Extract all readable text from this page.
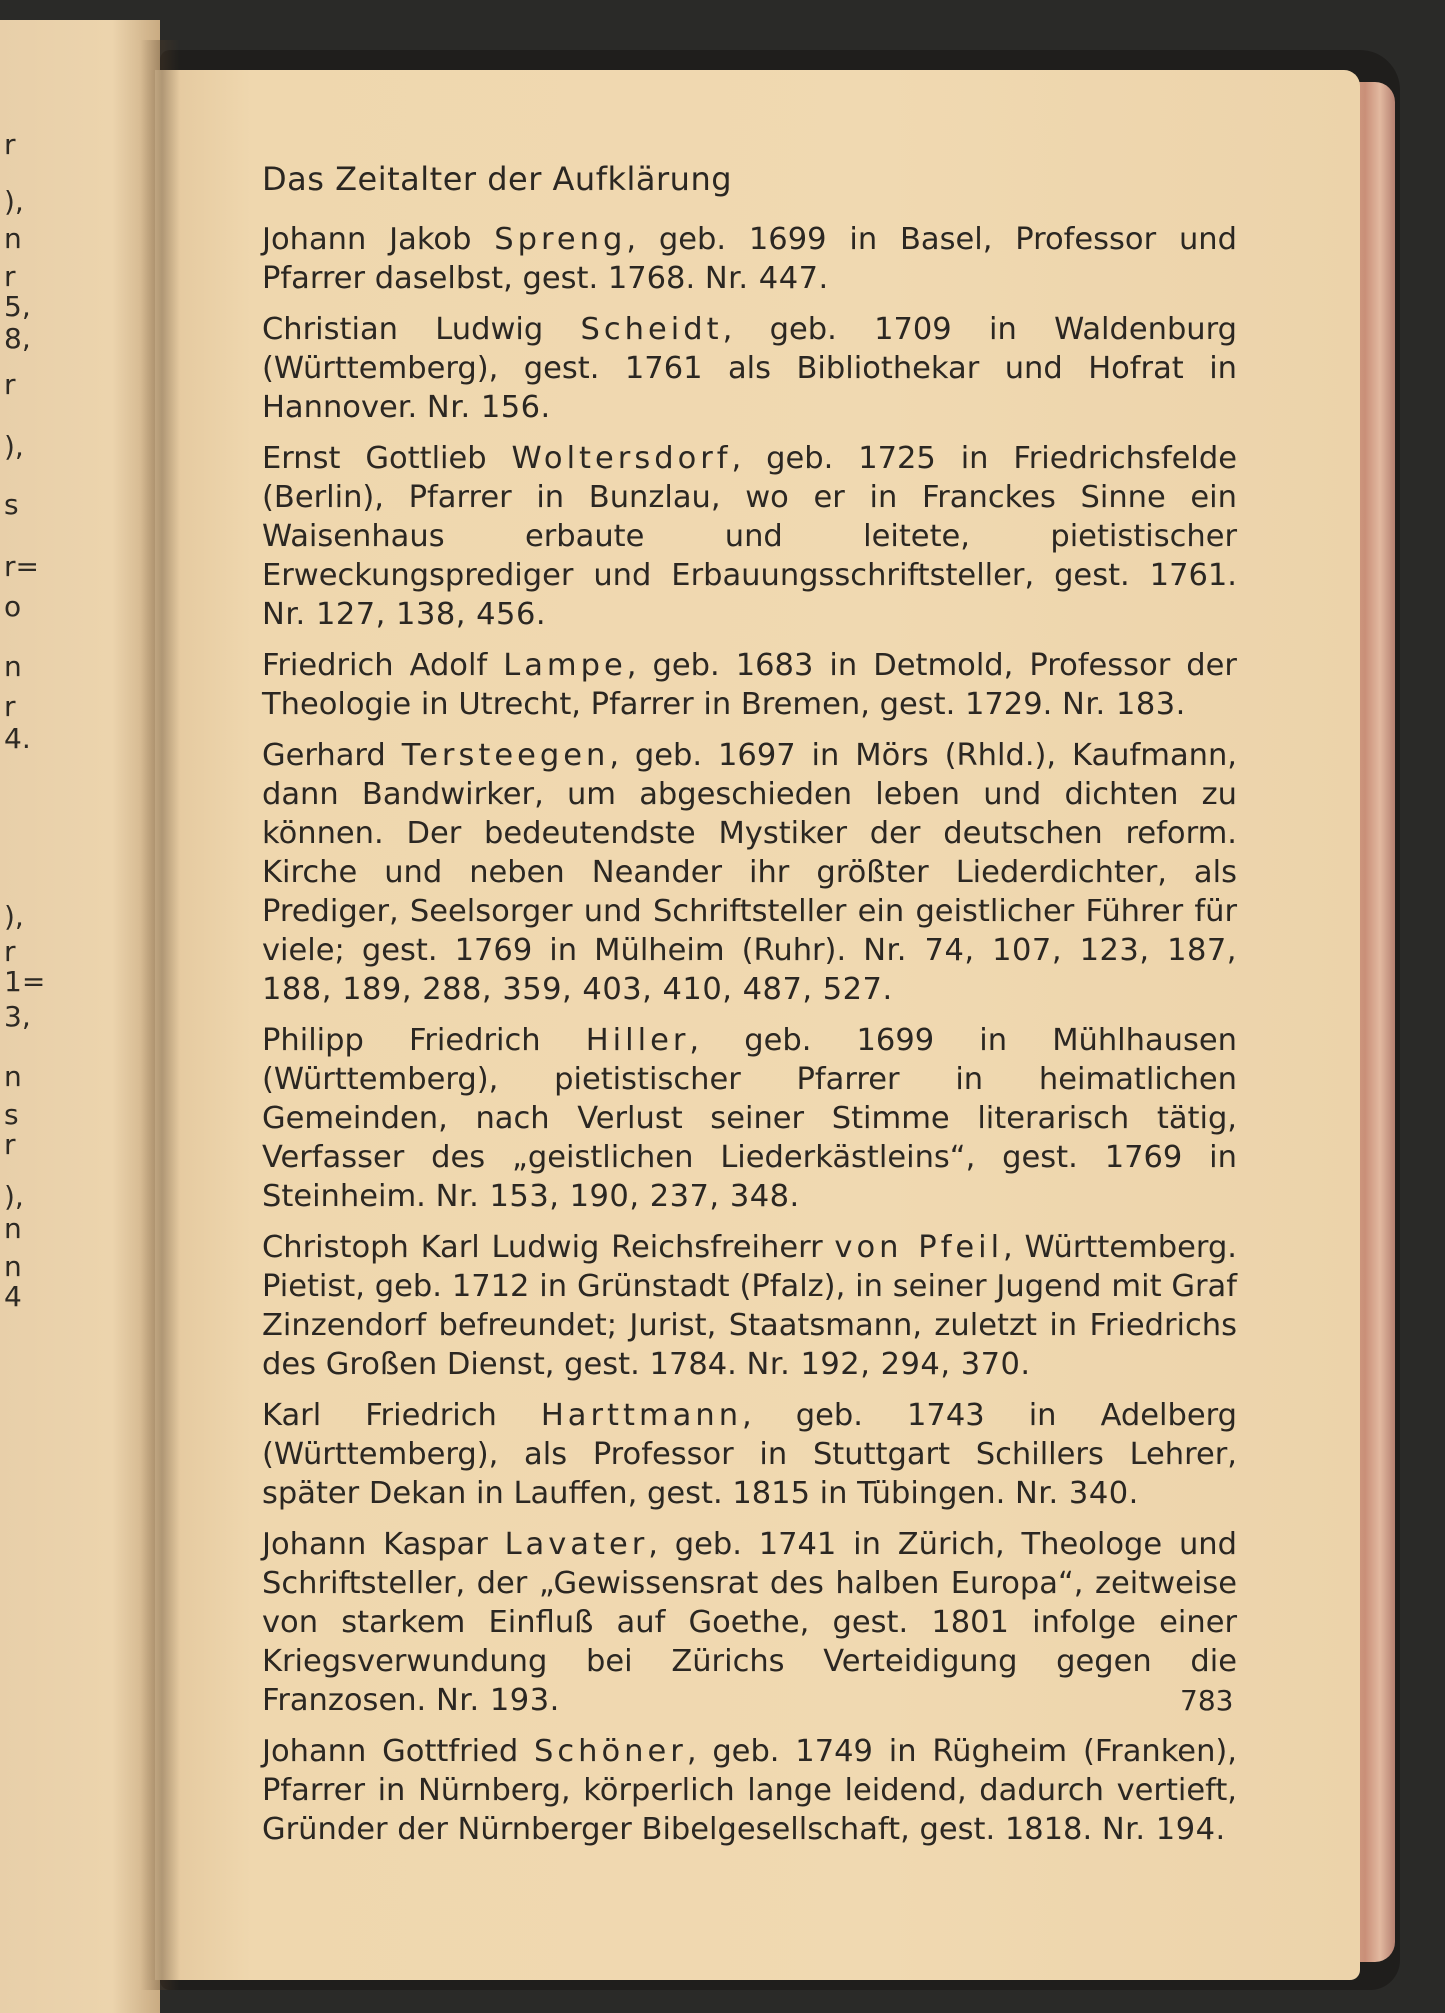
r
),
n
r
5,
8,
r
),
s
r=
o
n
r
4.
),
r
1=
3,
n
s
r
),
n
n
4
Das Zeitalter der Aufklärung

Johann Jakob Spreng, geb. 1699 in Basel, Professor und Pfarrer daselbst, gest. 1768. Nr. 447.

Christian Ludwig Scheidt, geb. 1709 in Waldenburg (Württemberg), gest. 1761 als Bibliothekar und Hofrat in Hannover. Nr. 156.

Ernst Gottlieb Woltersdorf, geb. 1725 in Friedrichsfelde (Berlin), Pfarrer in Bunzlau, wo er in Franckes Sinne ein Waisenhaus erbaute und leitete, pietistischer Erweckungsprediger und Erbauungsschriftsteller, gest. 1761. Nr. 127, 138, 456.

Friedrich Adolf Lampe, geb. 1683 in Detmold, Professor der Theologie in Utrecht, Pfarrer in Bremen, gest. 1729. Nr. 183.

Gerhard Tersteegen, geb. 1697 in Mörs (Rhld.), Kaufmann, dann Bandwirker, um abgeschieden leben und dichten zu können. Der bedeutendste Mystiker der deutschen reform. Kirche und neben Neander ihr größter Liederdichter, als Prediger, Seelsorger und Schriftsteller ein geistlicher Führer für viele; gest. 1769 in Mülheim (Ruhr). Nr. 74, 107, 123, 187, 188, 189, 288, 359, 403, 410, 487, 527.

Philipp Friedrich Hiller, geb. 1699 in Mühlhausen (Württemberg), pietistischer Pfarrer in heimatlichen Gemeinden, nach Verlust seiner Stimme literarisch tätig, Verfasser des „geistlichen Liederkästleins“, gest. 1769 in Steinheim. Nr. 153, 190, 237, 348.

Christoph Karl Ludwig Reichsfreiherr von Pfeil, Württemberg. Pietist, geb. 1712 in Grünstadt (Pfalz), in seiner Jugend mit Graf Zinzendorf befreundet; Jurist, Staatsmann, zuletzt in Friedrichs des Großen Dienst, gest. 1784. Nr. 192, 294, 370.

Karl Friedrich Harttmann, geb. 1743 in Adelberg (Württemberg), als Professor in Stuttgart Schillers Lehrer, später Dekan in Lauffen, gest. 1815 in Tübingen. Nr. 340.

Johann Kaspar Lavater, geb. 1741 in Zürich, Theologe und Schriftsteller, der „Gewissensrat des halben Europa“, zeitweise von starkem Einfluß auf Goethe, gest. 1801 infolge einer Kriegsverwundung bei Zürichs Verteidigung gegen die Franzosen. Nr. 193.

Johann Gottfried Schöner, geb. 1749 in Rügheim (Franken), Pfarrer in Nürnberg, körperlich lange leidend, dadurch vertieft, Gründer der Nürnberger Bibelgesellschaft, gest. 1818. Nr. 194.

783
